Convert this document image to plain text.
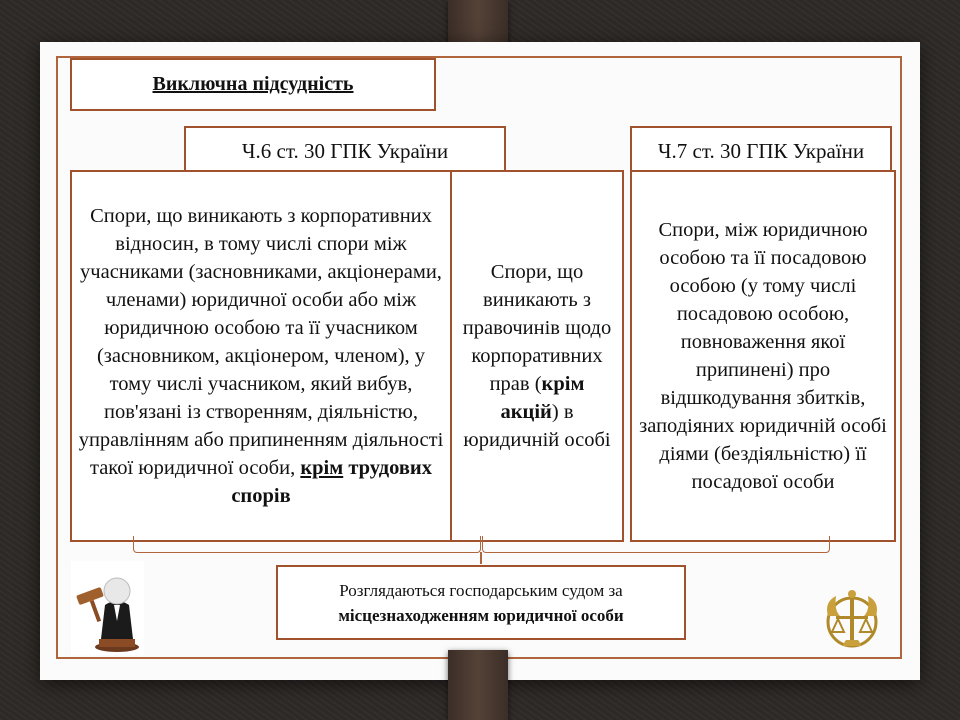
Виключна підсудність
Ч.6 ст. 30 ГПК України	Ч.7 ст. 30 ГПК України
Спори, що виникають з корпоративних відносин, в тому числі спори між учасниками (засновниками, акціонерами, членами) юридичної особи або між юридичною особою та її учасником (засновником, акціонером, членом), у тому числі учасником, який вибув, пов'язані із створенням, діяльністю, управлінням або припиненням діяльності такої юридичної особи, крім трудових спорів
Спори, що виникають з правочинів щодо корпоративних прав (крім акцій) в юридичній особі
Спори, між юридичною особою та її посадовою особою (у тому числі посадовою особою, повноваження якої припинені) про відшкодування збитків, заподіяних юридичній особі діями (бездіяльністю) її посадової особи
Розглядаються господарським судом за
місцезнаходженням юридичної особи
